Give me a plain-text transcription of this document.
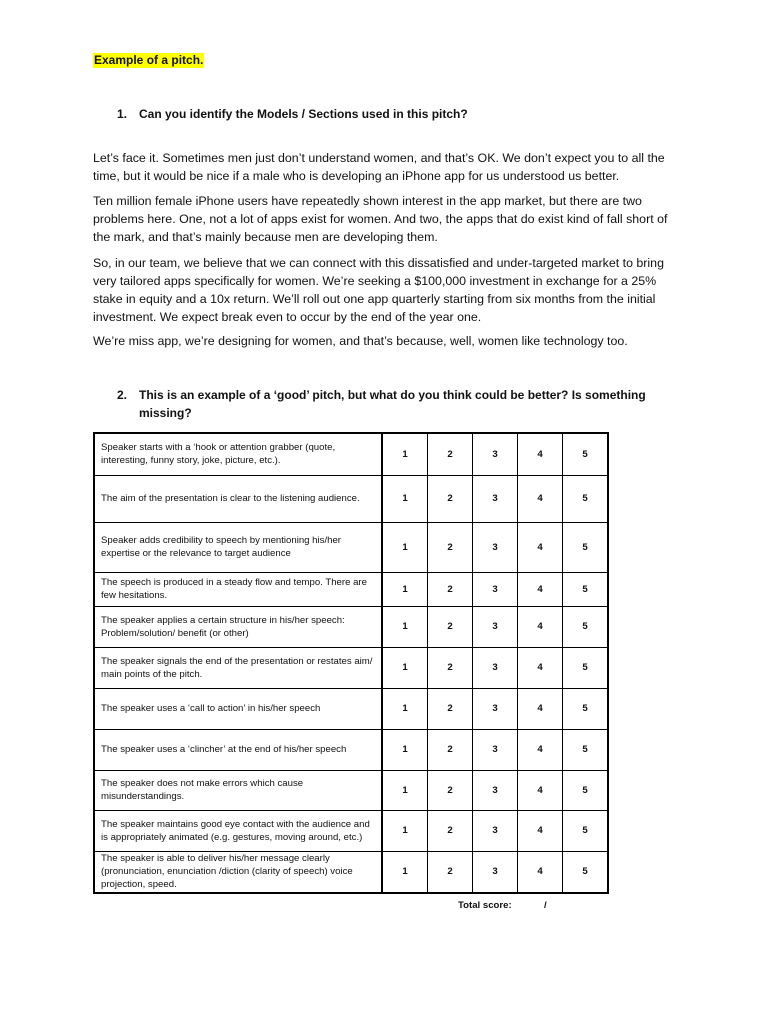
Example of a pitch.
1. Can you identify the Models / Sections used in this pitch?

Let’s face it. Sometimes men just don’t understand women, and that’s OK. We don’t expect you to all the time, but it would be nice if a male who is developing an iPhone app for us understood us better.

Ten million female iPhone users have repeatedly shown interest in the app market, but there are two problems here. One, not a lot of apps exist for women. And two, the apps that do exist kind of fall short of the mark, and that’s mainly because men are developing them.

So, in our team, we believe that we can connect with this dissatisfied and under-targeted market to bring very tailored apps specifically for women. We’re seeking a $100,000 investment in exchange for a 25% stake in equity and a 10x return. We’ll roll out one app quarterly starting from six months from the initial investment. We expect break even to occur by the end of the year one.

We’re miss app, we’re designing for women, and that’s because, well, women like technology too.

2. This is an example of a ‘good’ pitch, but what do you think could be better? Is something missing?
Speaker starts with a ‘hook or attention grabber (quote, interesting, funny story, joke, picture, etc.).	1	2	3	4	5
The aim of the presentation is clear to the listening audience.	1	2	3	4	5
Speaker adds credibility to speech by mentioning his/her expertise or the relevance to target audience	1	2	3	4	5
The speech is produced in a steady flow and tempo. There are few hesitations.	1	2	3	4	5
The speaker applies a certain structure in his/her speech: Problem/solution/ benefit (or other)	1	2	3	4	5
The speaker signals the end of the presentation or restates aim/ main points of the pitch.	1	2	3	4	5
The speaker uses a ‘call to action’ in his/her speech	1	2	3	4	5
The speaker uses a ‘clincher’ at the end of his/her speech	1	2	3	4	5
The speaker does not make errors which cause misunderstandings.	1	2	3	4	5
The speaker maintains good eye contact with the audience and is appropriately animated (e.g. gestures, moving around, etc.)	1	2	3	4	5
The speaker is able to deliver his/her message clearly (pronunciation, enunciation /diction (clarity of speech) voice projection, speed.	1	2	3	4	5
Total score:	/
